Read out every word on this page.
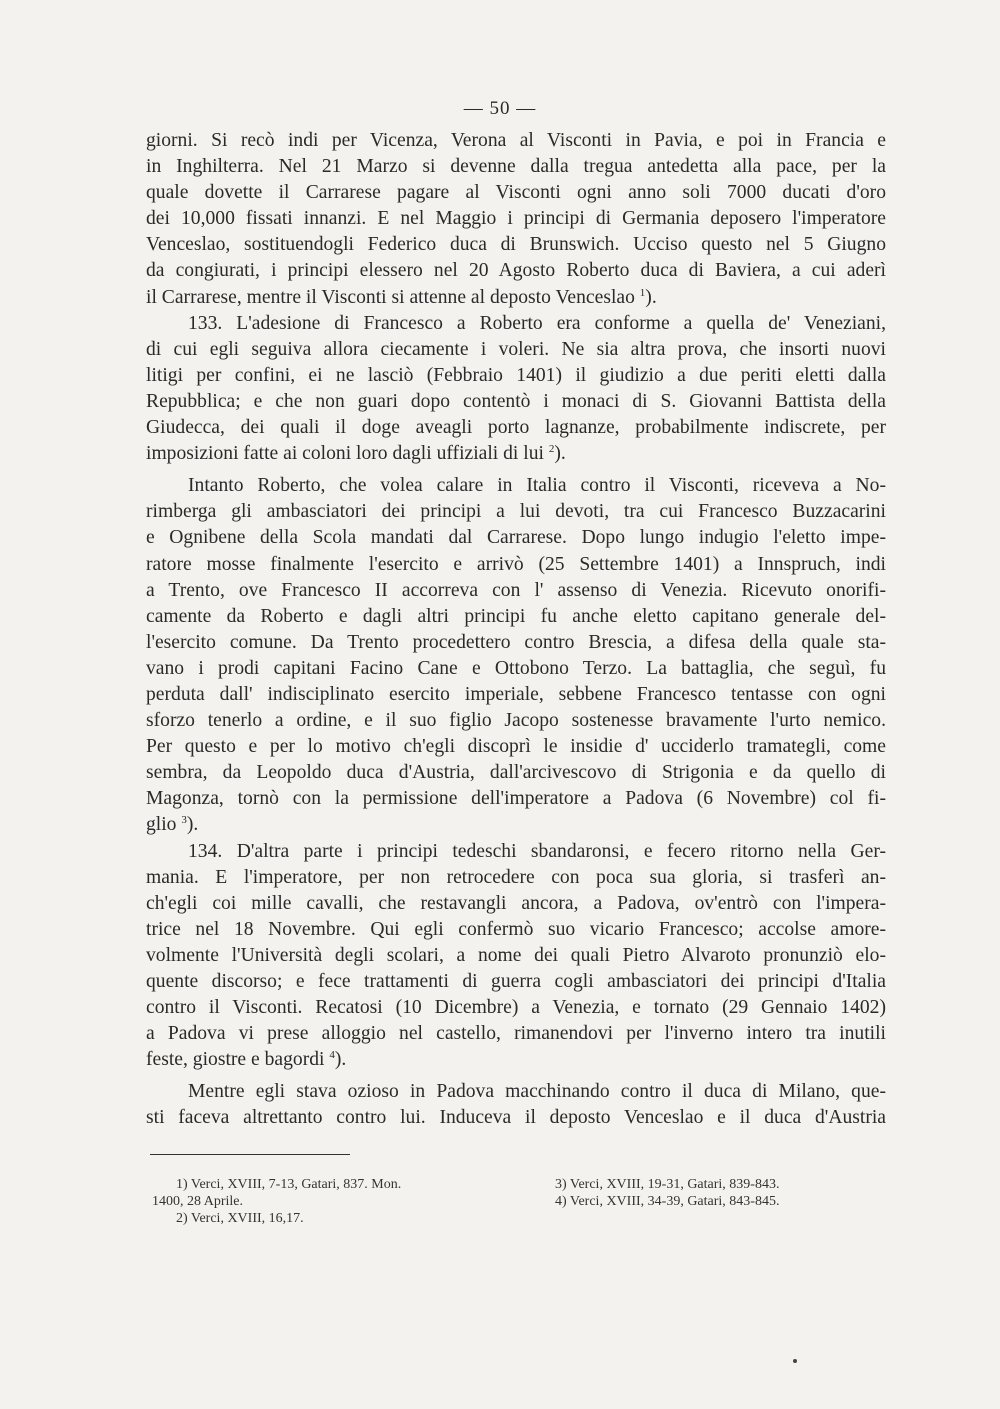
— 50 —
giorni. Si recò indi per Vicenza, Verona al Visconti in Pavia, e poi in Francia e
in Inghilterra. Nel 21 Marzo si devenne dalla tregua antedetta alla pace, per la
quale dovette il Carrarese pagare al Visconti ogni anno soli 7000 ducati d'oro
dei 10,000 fissati innanzi. E nel Maggio i principi di Germania deposero l'imperatore
Venceslao, sostituendogli Federico duca di Brunswich. Ucciso questo nel 5 Giugno
da congiurati, i principi elessero nel 20 Agosto Roberto duca di Baviera, a cui aderì
il Carrarese, mentre il Visconti si attenne al deposto Venceslao $^1$).
133. L'adesione di Francesco a Roberto era conforme a quella de' Veneziani,
di cui egli seguiva allora ciecamente i voleri. Ne sia altra prova, che insorti nuovi
litigi per confini, ei ne lasciò (Febbraio 1401) il giudizio a due periti eletti dalla
Repubblica; e che non guari dopo contentò i monaci di S. Giovanni Battista della
Giudecca, dei quali il doge aveagli porto lagnanze, probabilmente indiscrete, per
imposizioni fatte ai coloni loro dagli uffiziali di lui $^2$).
Intanto Roberto, che volea calare in Italia contro il Visconti, riceveva a No-
rimberga gli ambasciatori dei principi a lui devoti, tra cui Francesco Buzzacarini
e Ognibene della Scola mandati dal Carrarese. Dopo lungo indugio l'eletto impe-
ratore mosse finalmente l'esercito e arrivò (25 Settembre 1401) a Innspruch, indi
a Trento, ove Francesco II accorreva con l' assenso di Venezia. Ricevuto onorifi-
camente da Roberto e dagli altri principi fu anche eletto capitano generale del-
l'esercito comune. Da Trento procedettero contro Brescia, a difesa della quale sta-
vano i prodi capitani Facino Cane e Ottobono Terzo. La battaglia, che seguì, fu
perduta dall' indisciplinato esercito imperiale, sebbene Francesco tentasse con ogni
sforzo tenerlo a ordine, e il suo figlio Jacopo sostenesse bravamente l'urto nemico.
Per questo e per lo motivo ch'egli discoprì le insidie d' ucciderlo tramategli, come
sembra, da Leopoldo duca d'Austria, dall'arcivescovo di Strigonia e da quello di
Magonza, tornò con la permissione dell'imperatore a Padova (6 Novembre) col fi-
glio $^3$).
134. D'altra parte i principi tedeschi sbandaronsi, e fecero ritorno nella Ger-
mania. E l'imperatore, per non retrocedere con poca sua gloria, si trasferì an-
ch'egli coi mille cavalli, che restavangli ancora, a Padova, ov'entrò con l'impera-
trice nel 18 Novembre. Qui egli confermò suo vicario Francesco; accolse amore-
volmente l'Università degli scolari, a nome dei quali Pietro Alvaroto pronunziò elo-
quente discorso; e fece trattamenti di guerra cogli ambasciatori dei principi d'Italia
contro il Visconti. Recatosi (10 Dicembre) a Venezia, e tornato (29 Gennaio 1402)
a Padova vi prese alloggio nel castello, rimanendovi per l'inverno intero tra inutili
feste, giostre e bagordi $^4$).
Mentre egli stava ozioso in Padova macchinando contro il duca di Milano, que-
sti faceva altrettanto contro lui. Induceva il deposto Venceslao e il duca d'Austria
1) Verci, XVIII, 7-13, Gatari, 837. Mon.
1400, 28 Aprile.
2) Verci, XVIII, 16,17.
3) Verci, XVIII, 19-31, Gatari, 839-843.
4) Verci, XVIII, 34-39, Gatari, 843-845.
